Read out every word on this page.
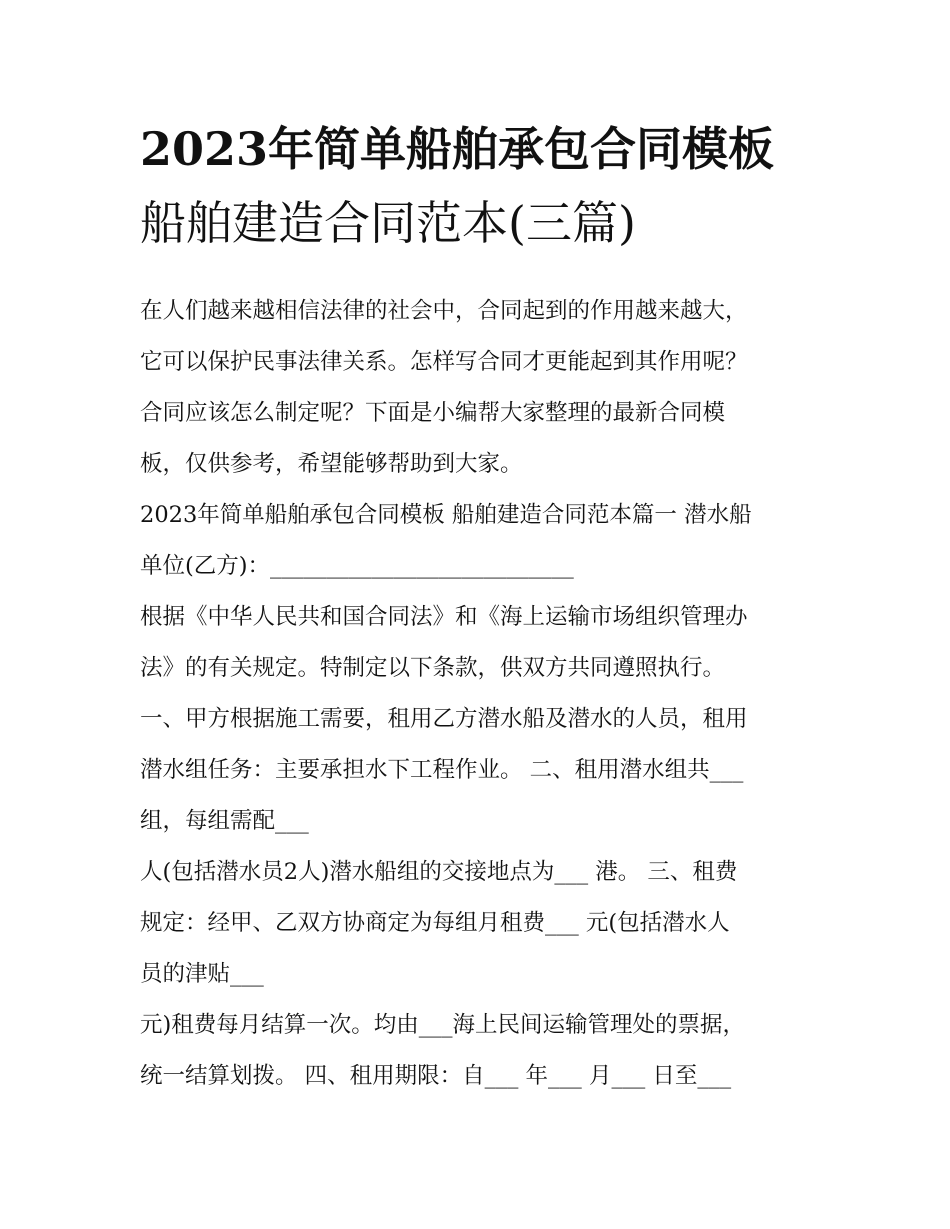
2023年简单船舶承包合同模板
船舶建造合同范本(三篇)

在人们越来越相信法律的社会中，合同起到的作用越来越大，
它可以保护民事法律关系。怎样写合同才更能起到其作用呢？
合同应该怎么制定呢？下面是小编帮大家整理的最新合同模
板，仅供参考，希望能够帮助到大家。
2023年简单船舶承包合同模板 船舶建造合同范本篇一 潜水船
单位(乙方)：___________________________
根据《中华人民共和国合同法》和《海上运输市场组织管理办
法》的有关规定。特制定以下条款，供双方共同遵照执行。
一、甲方根据施工需要，租用乙方潜水船及潜水的人员，租用
潜水组任务：主要承担水下工程作业。 二、租用潜水组共___
组，每组需配___
人(包括潜水员2人)潜水船组的交接地点为___ 港。 三、租费
规定：经甲、乙双方协商定为每组月租费___ 元(包括潜水人
员的津贴___
元)租费每月结算一次。均由___海上民间运输管理处的票据，
统一结算划拨。 四、租用期限：自___ 年___ 月___ 日至___
